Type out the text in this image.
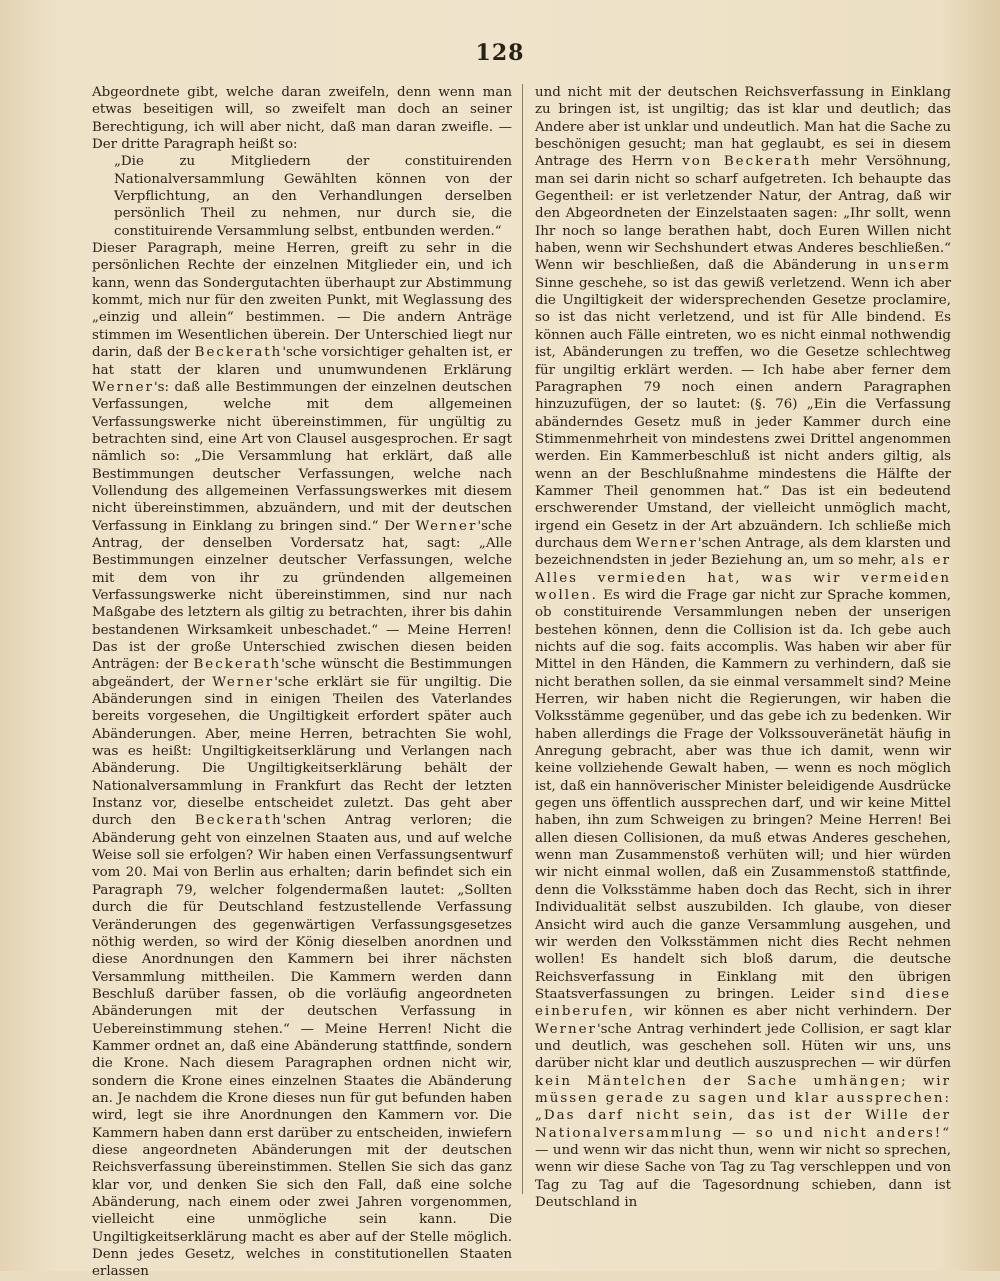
128

Abgeordnete gibt, welche daran zweifeln, denn wenn man etwas beseitigen will, so zweifelt man doch an seiner Berechtigung, ich will aber nicht, daß man daran zweifle. — Der dritte Paragraph heißt so:

„Die zu Mitgliedern der constituirenden Nationalversammlung Gewählten können von der Verpflichtung, an den Verhandlungen derselben persönlich Theil zu nehmen, nur durch sie, die constituirende Versammlung selbst, entbunden werden.“

Dieser Paragraph, meine Herren, greift zu sehr in die persönlichen Rechte der einzelnen Mitglieder ein, und ich kann, wenn das Sondergutachten überhaupt zur Abstimmung kommt, mich nur für den zweiten Punkt, mit Weglassung des „einzig und allein“ bestimmen. — Die andern Anträge stimmen im Wesentlichen überein. Der Unterschied liegt nur darin, daß der Beckerath'sche vorsichtiger gehalten ist, er hat statt der klaren und unumwundenen Erklärung Werner's: daß alle Bestimmungen der einzelnen deutschen Verfassungen, welche mit dem allgemeinen Verfassungswerke nicht übereinstimmen, für ungültig zu betrachten sind, eine Art von Clausel ausgesprochen. Er sagt nämlich so: „Die Versammlung hat erklärt, daß alle Bestimmungen deutscher Verfassungen, welche nach Vollendung des allgemeinen Verfassungswerkes mit diesem nicht übereinstimmen, abzuändern, und mit der deutschen Verfassung in Einklang zu bringen sind.“ Der Werner'sche Antrag, der denselben Vordersatz hat, sagt: „Alle Bestimmungen einzelner deutscher Verfassungen, welche mit dem von ihr zu gründenden allgemeinen Verfassungswerke nicht übereinstimmen, sind nur nach Maßgabe des letztern als giltig zu betrachten, ihrer bis dahin bestandenen Wirksamkeit unbeschadet.“ — Meine Herren! Das ist der große Unterschied zwischen diesen beiden Anträgen: der Beckerath'sche wünscht die Bestimmungen abgeändert, der Werner'sche erklärt sie für ungiltig. Die Abänderungen sind in einigen Theilen des Vaterlandes bereits vorgesehen, die Ungiltigkeit erfordert später auch Abänderungen. Aber, meine Herren, betrachten Sie wohl, was es heißt: Ungiltigkeitserklärung und Verlangen nach Abänderung. Die Ungiltigkeitserklärung behält der Nationalversammlung in Frankfurt das Recht der letzten Instanz vor, dieselbe entscheidet zuletzt. Das geht aber durch den Beckerath'schen Antrag verloren; die Abänderung geht von einzelnen Staaten aus, und auf welche Weise soll sie erfolgen? Wir haben einen Verfassungsentwurf vom 20. Mai von Berlin aus erhalten; darin befindet sich ein Paragraph 79, welcher folgendermaßen lautet: „Sollten durch die für Deutschland festzustellende Verfassung Veränderungen des gegenwärtigen Verfassungsgesetzes nöthig werden, so wird der König dieselben anordnen und diese Anordnungen den Kammern bei ihrer nächsten Versammlung mittheilen. Die Kammern werden dann Beschluß darüber fassen, ob die vorläufig angeordneten Abänderungen mit der deutschen Verfassung in Uebereinstimmung stehen.“ — Meine Herren! Nicht die Kammer ordnet an, daß eine Abänderung stattfinde, sondern die Krone. Nach diesem Paragraphen ordnen nicht wir, sondern die Krone eines einzelnen Staates die Abänderung an. Je nachdem die Krone dieses nun für gut befunden haben wird, legt sie ihre Anordnungen den Kammern vor. Die Kammern haben dann erst darüber zu entscheiden, inwiefern diese angeordneten Abänderungen mit der deutschen Reichsverfassung übereinstimmen. Stellen Sie sich das ganz klar vor, und denken Sie sich den Fall, daß eine solche Abänderung, nach einem oder zwei Jahren vorgenommen, vielleicht eine unmögliche sein kann. Die Ungiltigkeitserklärung macht es aber auf der Stelle möglich. Denn jedes Gesetz, welches in constitutionellen Staaten erlassen

und nicht mit der deutschen Reichsverfassung in Einklang zu bringen ist, ist ungiltig; das ist klar und deutlich; das Andere aber ist unklar und undeutlich. Man hat die Sache zu beschönigen gesucht; man hat geglaubt, es sei in diesem Antrage des Herrn von Beckerath mehr Versöhnung, man sei darin nicht so scharf aufgetreten. Ich behaupte das Gegentheil: er ist verletzender Natur, der Antrag, daß wir den Abgeordneten der Einzelstaaten sagen: „Ihr sollt, wenn Ihr noch so lange berathen habt, doch Euren Willen nicht haben, wenn wir Sechshundert etwas Anderes beschließen.“ Wenn wir beschließen, daß die Abänderung in unserm Sinne geschehe, so ist das gewiß verletzend. Wenn ich aber die Ungiltigkeit der widersprechenden Gesetze proclamire, so ist das nicht verletzend, und ist für Alle bindend. Es können auch Fälle eintreten, wo es nicht einmal nothwendig ist, Abänderungen zu treffen, wo die Gesetze schlechtweg für ungiltig erklärt werden. — Ich habe aber ferner dem Paragraphen 79 noch einen andern Paragraphen hinzuzufügen, der so lautet: (§. 76) „Ein die Verfassung abänderndes Gesetz muß in jeder Kammer durch eine Stimmenmehrheit von mindestens zwei Drittel angenommen werden. Ein Kammerbeschluß ist nicht anders giltig, als wenn an der Beschlußnahme mindestens die Hälfte der Kammer Theil genommen hat.“ Das ist ein bedeutend erschwerender Umstand, der vielleicht unmöglich macht, irgend ein Gesetz in der Art abzuändern. Ich schließe mich durchaus dem Werner'schen Antrage, als dem klarsten und bezeichnendsten in jeder Beziehung an, um so mehr, als er Alles vermieden hat, was wir vermeiden wollen. Es wird die Frage gar nicht zur Sprache kommen, ob constituirende Versammlungen neben der unserigen bestehen können, denn die Collision ist da. Ich gebe auch nichts auf die sog. faits accomplis. Was haben wir aber für Mittel in den Händen, die Kammern zu verhindern, daß sie nicht berathen sollen, da sie einmal versammelt sind? Meine Herren, wir haben nicht die Regierungen, wir haben die Volksstämme gegenüber, und das gebe ich zu bedenken. Wir haben allerdings die Frage der Volkssouveränetät häufig in Anregung gebracht, aber was thue ich damit, wenn wir keine vollziehende Gewalt haben, — wenn es noch möglich ist, daß ein hannöverischer Minister beleidigende Ausdrücke gegen uns öffentlich aussprechen darf, und wir keine Mittel haben, ihn zum Schweigen zu bringen? Meine Herren! Bei allen diesen Collisionen, da muß etwas Anderes geschehen, wenn man Zusammenstoß verhüten will; und hier würden wir nicht einmal wollen, daß ein Zusammenstoß stattfinde, denn die Volksstämme haben doch das Recht, sich in ihrer Individualität selbst auszubilden. Ich glaube, von dieser Ansicht wird auch die ganze Versammlung ausgehen, und wir werden den Volksstämmen nicht dies Recht nehmen wollen! Es handelt sich bloß darum, die deutsche Reichsverfassung in Einklang mit den übrigen Staatsverfassungen zu bringen. Leider sind diese einberufen, wir können es aber nicht verhindern. Der Werner'sche Antrag verhindert jede Collision, er sagt klar und deutlich, was geschehen soll. Hüten wir uns, uns darüber nicht klar und deutlich auszusprechen — wir dürfen kein Mäntelchen der Sache umhängen; wir müssen gerade zu sagen und klar aussprechen: „Das darf nicht sein, das ist der Wille der Nationalversammlung — so und nicht anders!“ — und wenn wir das nicht thun, wenn wir nicht so sprechen, wenn wir diese Sache von Tag zu Tag verschleppen und von Tag zu Tag auf die Tagesordnung schieben, dann ist Deutschland in
